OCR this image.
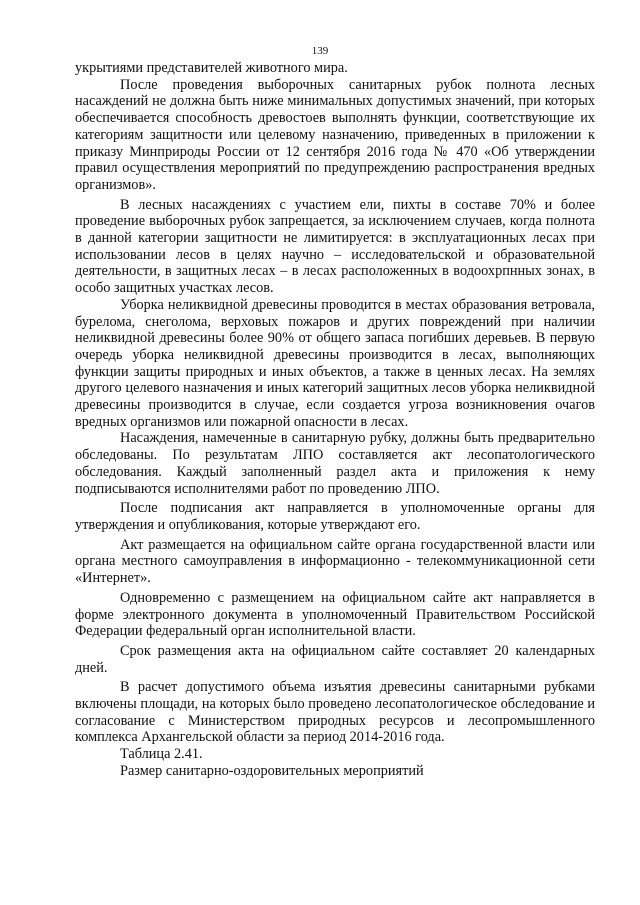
139

укрытиями представителей животного мира.

После проведения выборочных санитарных рубок полнота лесных насаждений не должна быть ниже минимальных допустимых значений, при которых обеспечивается способность древостоев выполнять функции, соответствующие их категориям защитности или целевому назначению, приведенных в приложении к приказу Минприроды России от 12 сентября 2016 года № 470 «Об утверждении правил осуществления мероприятий по предупреждению распространения вредных организмов».

В лесных насаждениях с участием ели, пихты в составе 70% и более проведение выборочных рубок запрещается, за исключением случаев, когда полнота в данной категории защитности не лимитируется: в эксплуатационных лесах при использовании лесов в целях научно – исследовательской и образовательной деятельности, в защитных лесах – в лесах расположенных в водоохрпнных зонах, в особо защитных участках лесов.

Уборка неликвидной древесины проводится в местах образования ветровала, бурелома, снеголома, верховых пожаров и других повреждений при наличии неликвидной древесины более 90% от общего запаса погибших деревьев. В первую очередь уборка неликвидной древесины производится в лесах, выполняющих функции защиты природных и иных объектов, а также в ценных лесах. На землях другого целевого назначения и иных категорий защитных лесов уборка неликвидной древесины производится в случае, если создается угроза возникновения очагов вредных организмов или пожарной опасности в лесах.

Насаждения, намеченные в санитарную рубку, должны быть предварительно обследованы. По результатам ЛПО составляется акт лесопатологического обследования. Каждый заполненный раздел акта и приложения к нему подписываются исполнителями работ по проведению ЛПО.

После подписания акт направляется в уполномоченные органы для утверждения и опубликования, которые утверждают его.

Акт размещается на официальном сайте органа государственной власти или органа местного самоуправления в информационно - телекоммуникационной сети «Интернет».

Одновременно с размещением на официальном сайте акт направляется в форме электронного документа в уполномоченный Правительством Российской Федерации федеральный орган исполнительной власти.

Срок размещения акта на официальном сайте составляет 20 календарных дней.

В расчет допустимого объема изъятия древесины санитарными рубками включены площади, на которых было проведено лесопатологическое обследование и согласование с Министерством природных ресурсов и лесопромышленного комплекса Архангельской области за период 2014-2016 года.

Таблица 2.41.

Размер санитарно-оздоровительных мероприятий
